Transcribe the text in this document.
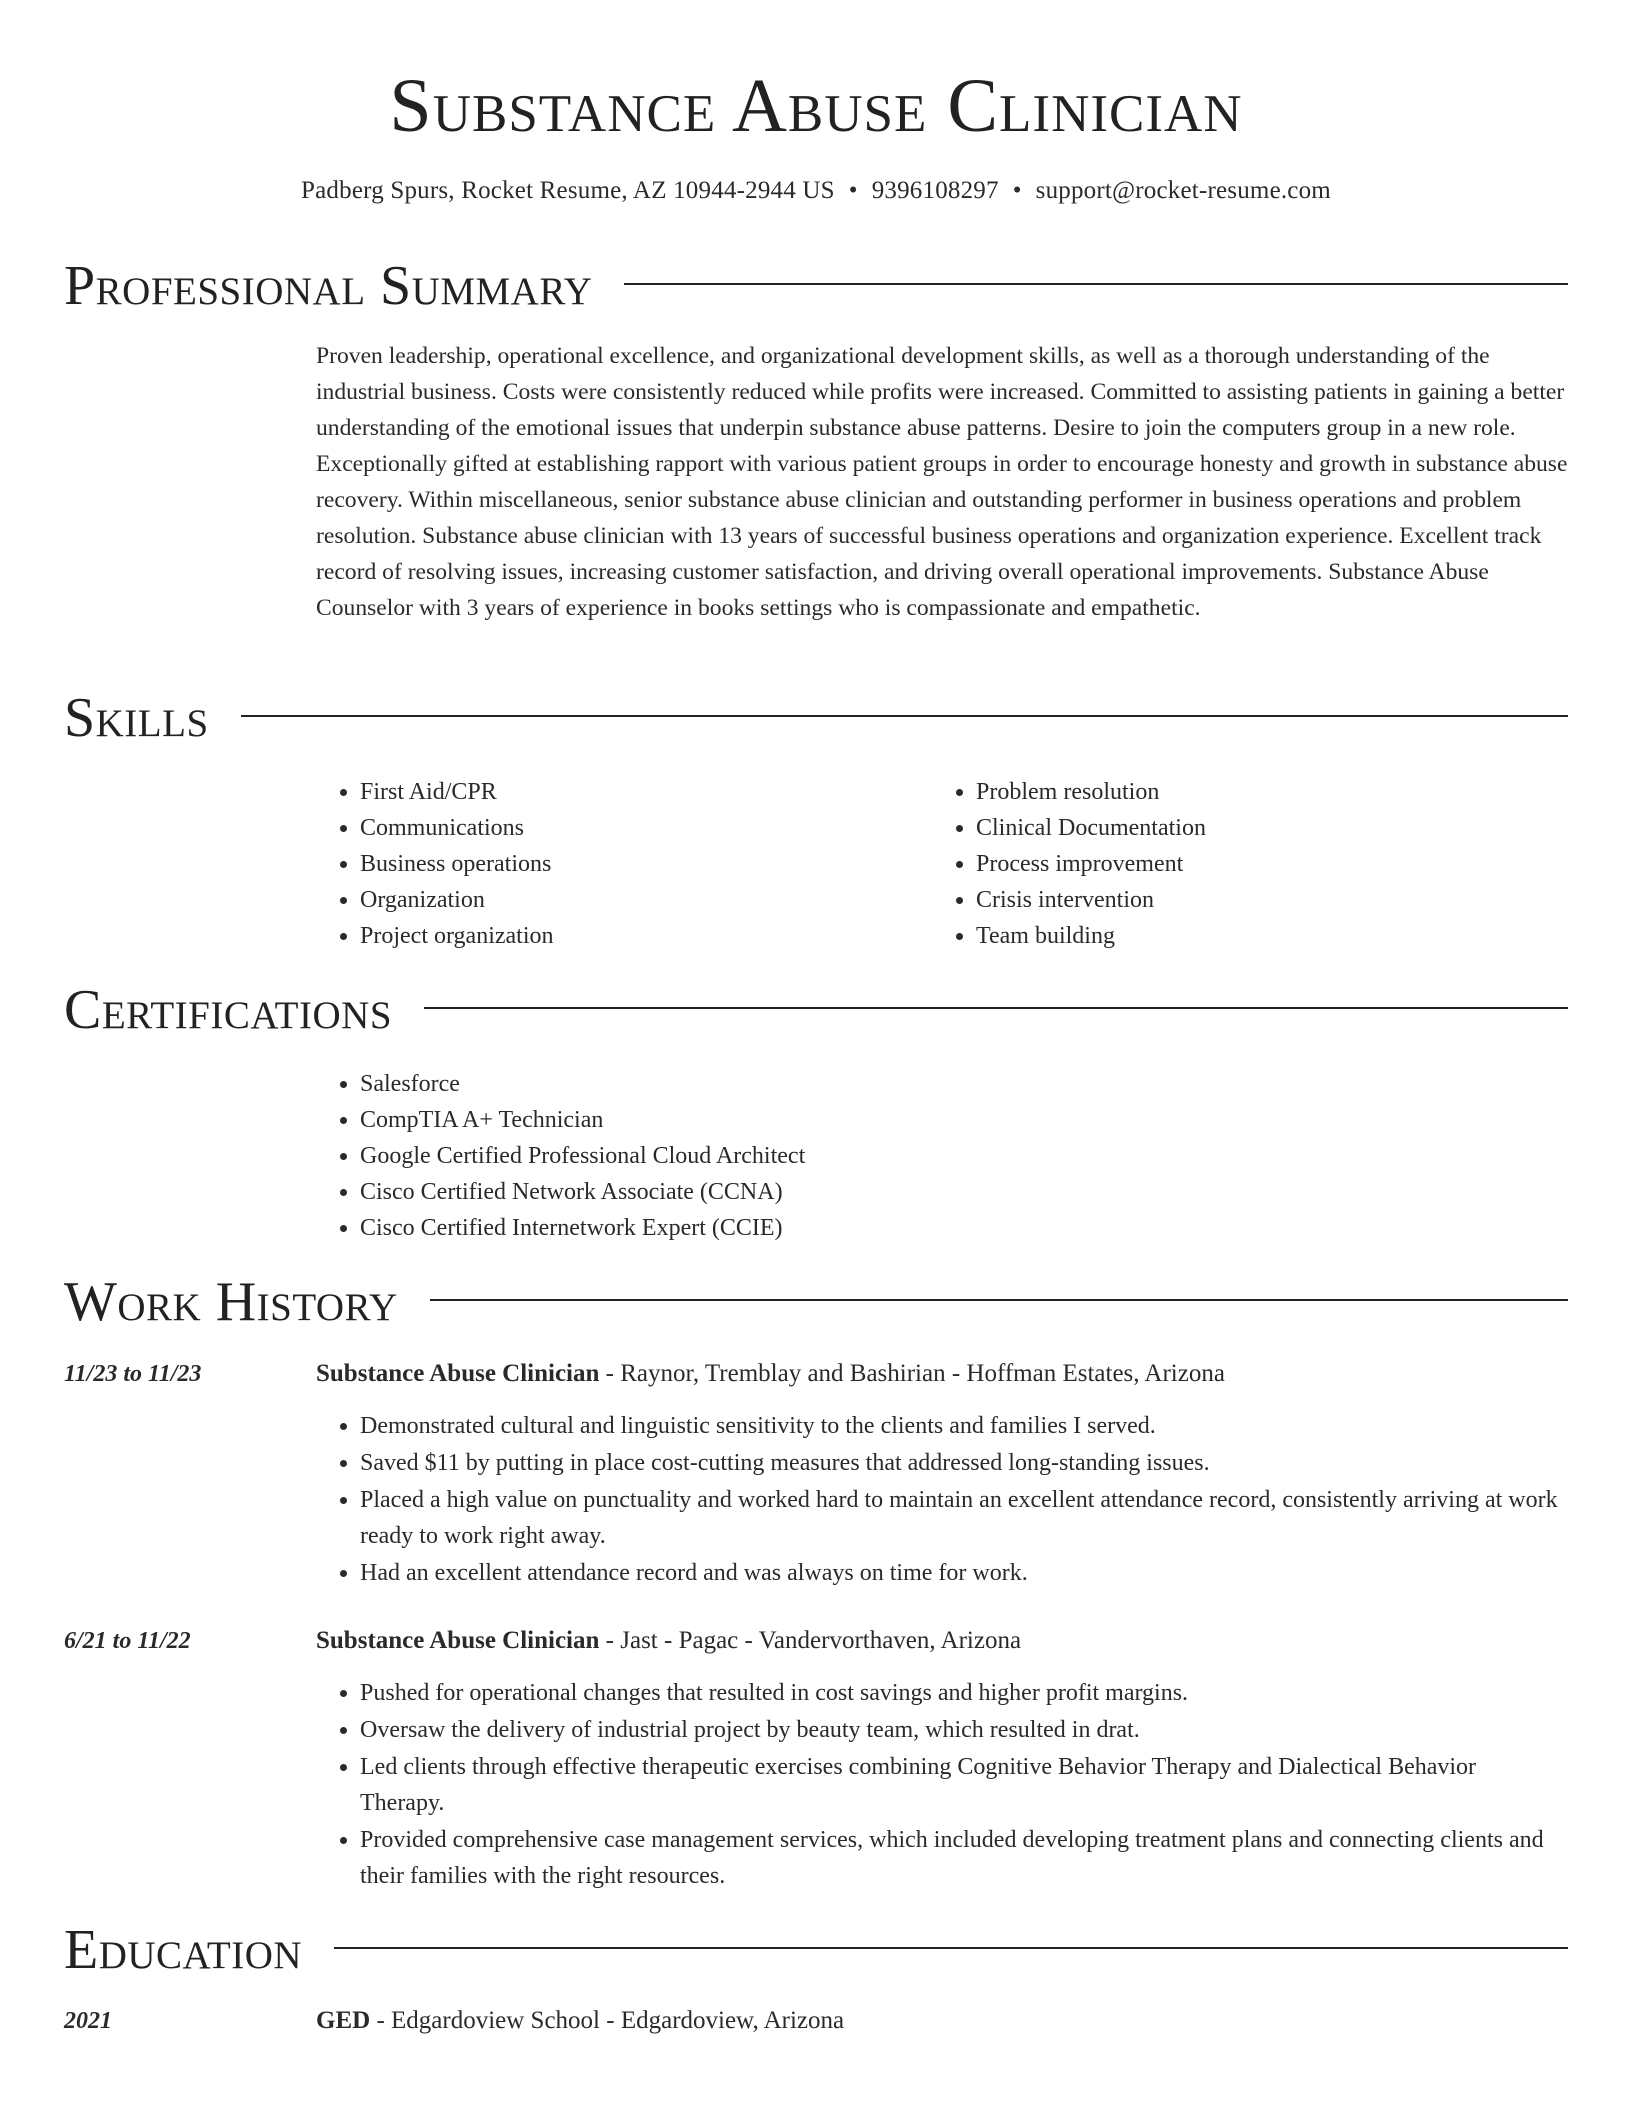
Substance Abuse Clinician
Padberg Spurs, Rocket Resume, AZ 10944-2944 US • 9396108297 • support@rocket-resume.com
Professional Summary

Proven leadership, operational excellence, and organizational development skills, as well as a thorough understanding of the industrial business. Costs were consistently reduced while profits were increased. Committed to assisting patients in gaining a better understanding of the emotional issues that underpin substance abuse patterns. Desire to join the computers group in a new role. Exceptionally gifted at establishing rapport with various patient groups in order to encourage honesty and growth in substance abuse recovery. Within miscellaneous, senior substance abuse clinician and outstanding performer in business operations and problem resolution. Substance abuse clinician with 13 years of successful business operations and organization experience. Excellent track record of resolving issues, increasing customer satisfaction, and driving overall operational improvements. Substance Abuse Counselor with 3 years of experience in books settings who is compassionate and empathetic.

Skills
• First Aid/CPR
• Communications
• Business operations
• Organization
• Project organization
• Problem resolution
• Clinical Documentation
• Process improvement
• Crisis intervention
• Team building
Certifications
• Salesforce
• CompTIA A+ Technician
• Google Certified Professional Cloud Architect
• Cisco Certified Network Associate (CCNA)
• Cisco Certified Internetwork Expert (CCIE)
Work History
11/23 to 11/23	Substance Abuse Clinician - Raynor, Tremblay and Bashirian - Hoffman Estates, Arizona
• Demonstrated cultural and linguistic sensitivity to the clients and families I served.
• Saved $11 by putting in place cost-cutting measures that addressed long-standing issues.
• Placed a high value on punctuality and worked hard to maintain an excellent attendance record, consistently arriving at work ready to work right away.
• Had an excellent attendance record and was always on time for work.
6/21 to 11/22	Substance Abuse Clinician - Jast - Pagac - Vandervorthaven, Arizona
• Pushed for operational changes that resulted in cost savings and higher profit margins.
• Oversaw the delivery of industrial project by beauty team, which resulted in drat.
• Led clients through effective therapeutic exercises combining Cognitive Behavior Therapy and Dialectical Behavior Therapy.
• Provided comprehensive case management services, which included developing treatment plans and connecting clients and their families with the right resources.
Education
2021	GED - Edgardoview School - Edgardoview, Arizona
